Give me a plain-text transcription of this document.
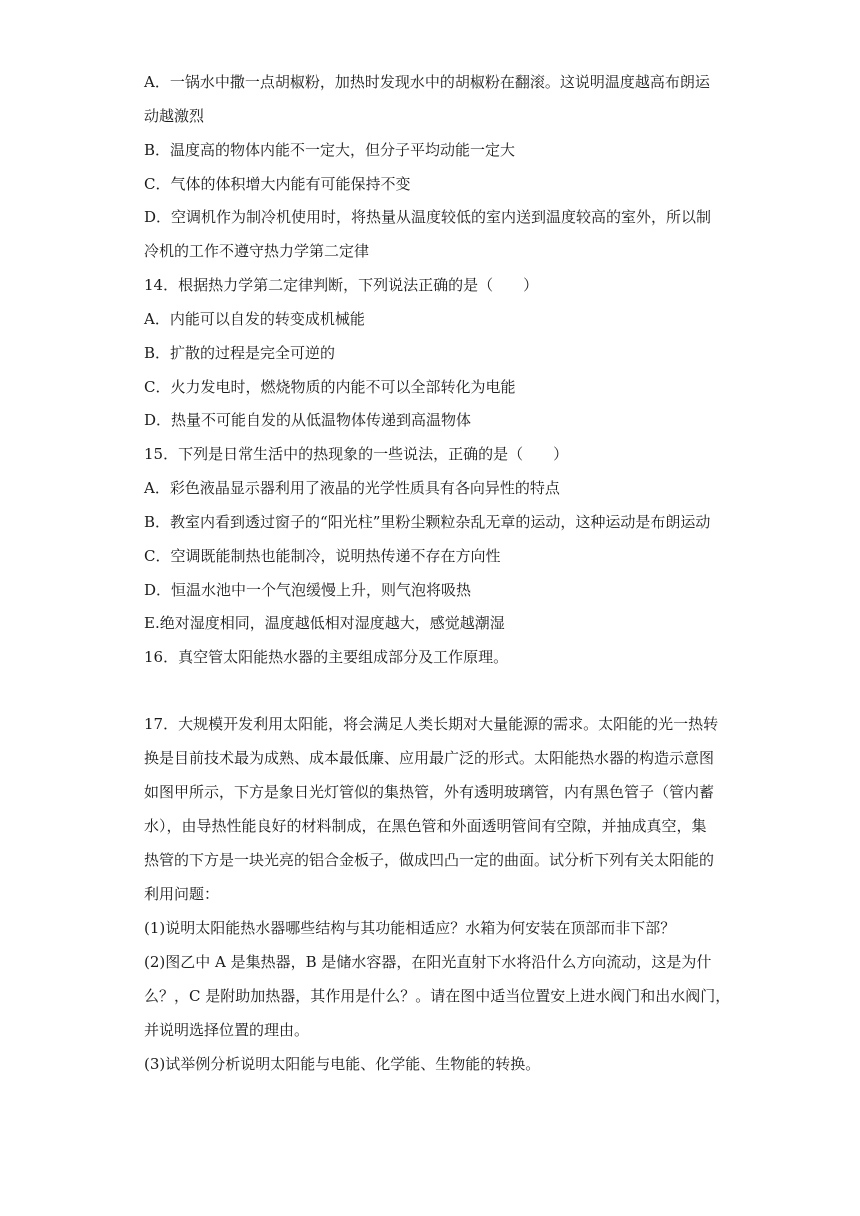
A．一锅水中撒一点胡椒粉，加热时发现水中的胡椒粉在翻滚。这说明温度越高布朗运
动越激烈
B．温度高的物体内能不一定大，但分子平均动能一定大
C．气体的体积增大内能有可能保持不变
D．空调机作为制冷机使用时，将热量从温度较低的室内送到温度较高的室外，所以制
冷机的工作不遵守热力学第二定律
14．根据热力学第二定律判断，下列说法正确的是（　　）
A．内能可以自发的转变成机械能
B．扩散的过程是完全可逆的
C．火力发电时，燃烧物质的内能不可以全部转化为电能
D．热量不可能自发的从低温物体传递到高温物体
15．下列是日常生活中的热现象的一些说法，正确的是（　　）
A．彩色液晶显示器利用了液晶的光学性质具有各向异性的特点
B．教室内看到透过窗子的“阳光柱”里粉尘颗粒杂乱无章的运动，这种运动是布朗运动
C．空调既能制热也能制冷，说明热传递不存在方向性
D．恒温水池中一个气泡缓慢上升，则气泡将吸热
E.绝对湿度相同，温度越低相对湿度越大，感觉越潮湿
16．真空管太阳能热水器的主要组成部分及工作原理。
17．大规模开发利用太阳能，将会满足人类长期对大量能源的需求。太阳能的光一热转
换是目前技术最为成熟、成本最低廉、应用最广泛的形式。太阳能热水器的构造示意图
如图甲所示，下方是象日光灯管似的集热管，外有透明玻璃管，内有黑色管子（管内蓄
水），由导热性能良好的材料制成，在黑色管和外面透明管间有空隙，并抽成真空，集
热管的下方是一块光亮的铝合金板子，做成凹凸一定的曲面。试分析下列有关太阳能的
利用问题：
(1)说明太阳能热水器哪些结构与其功能相适应？水箱为何安装在顶部而非下部？
(2)图乙中 A 是集热器，B 是储水容器，在阳光直射下水将沿什么方向流动，这是为什
么？，C 是附助加热器，其作用是什么？。请在图中适当位置安上进水阀门和出水阀门，
并说明选择位置的理由。
(3)试举例分析说明太阳能与电能、化学能、生物能的转换。
